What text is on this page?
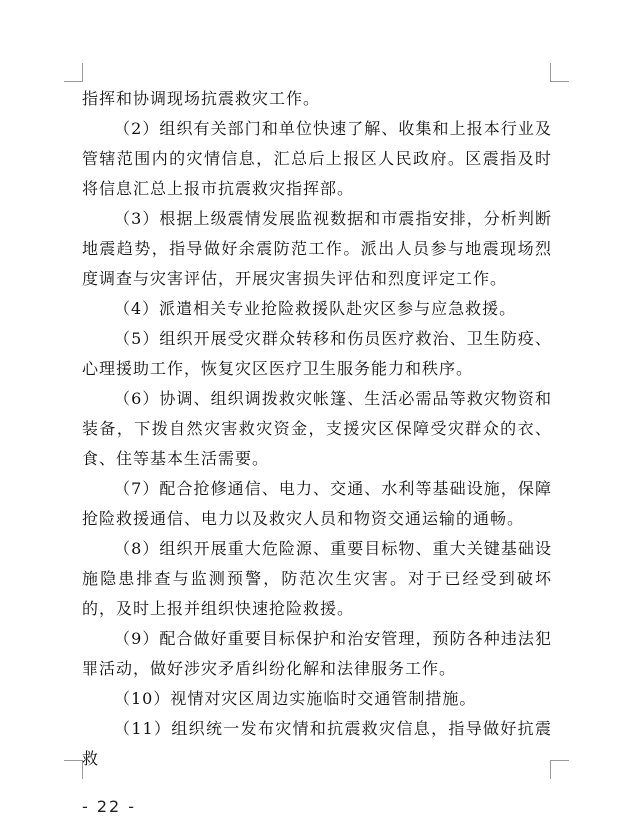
指挥和协调现场抗震救灾工作。

（2）组织有关部门和单位快速了解、收集和上报本行业及管辖范围内的灾情信息，汇总后上报区人民政府。区震指及时将信息汇总上报市抗震救灾指挥部。

（3）根据上级震情发展监视数据和市震指安排，分析判断地震趋势，指导做好余震防范工作。派出人员参与地震现场烈度调查与灾害评估，开展灾害损失评估和烈度评定工作。

（4）派遣相关专业抢险救援队赴灾区参与应急救援。

（5）组织开展受灾群众转移和伤员医疗救治、卫生防疫、心理援助工作，恢复灾区医疗卫生服务能力和秩序。

（6）协调、组织调拨救灾帐篷、生活必需品等救灾物资和装备，下拨自然灾害救灾资金，支援灾区保障受灾群众的衣、食、住等基本生活需要。

（7）配合抢修通信、电力、交通、水利等基础设施，保障抢险救援通信、电力以及救灾人员和物资交通运输的通畅。

（8）组织开展重大危险源、重要目标物、重大关键基础设施隐患排查与监测预警，防范次生灾害。对于已经受到破坏的，及时上报并组织快速抢险救援。

（9）配合做好重要目标保护和治安管理，预防各种违法犯罪活动，做好涉灾矛盾纠纷化解和法律服务工作。

（10）视情对灾区周边实施临时交通管制措施。

（11）组织统一发布灾情和抗震救灾信息，指导做好抗震救

- 22 -
